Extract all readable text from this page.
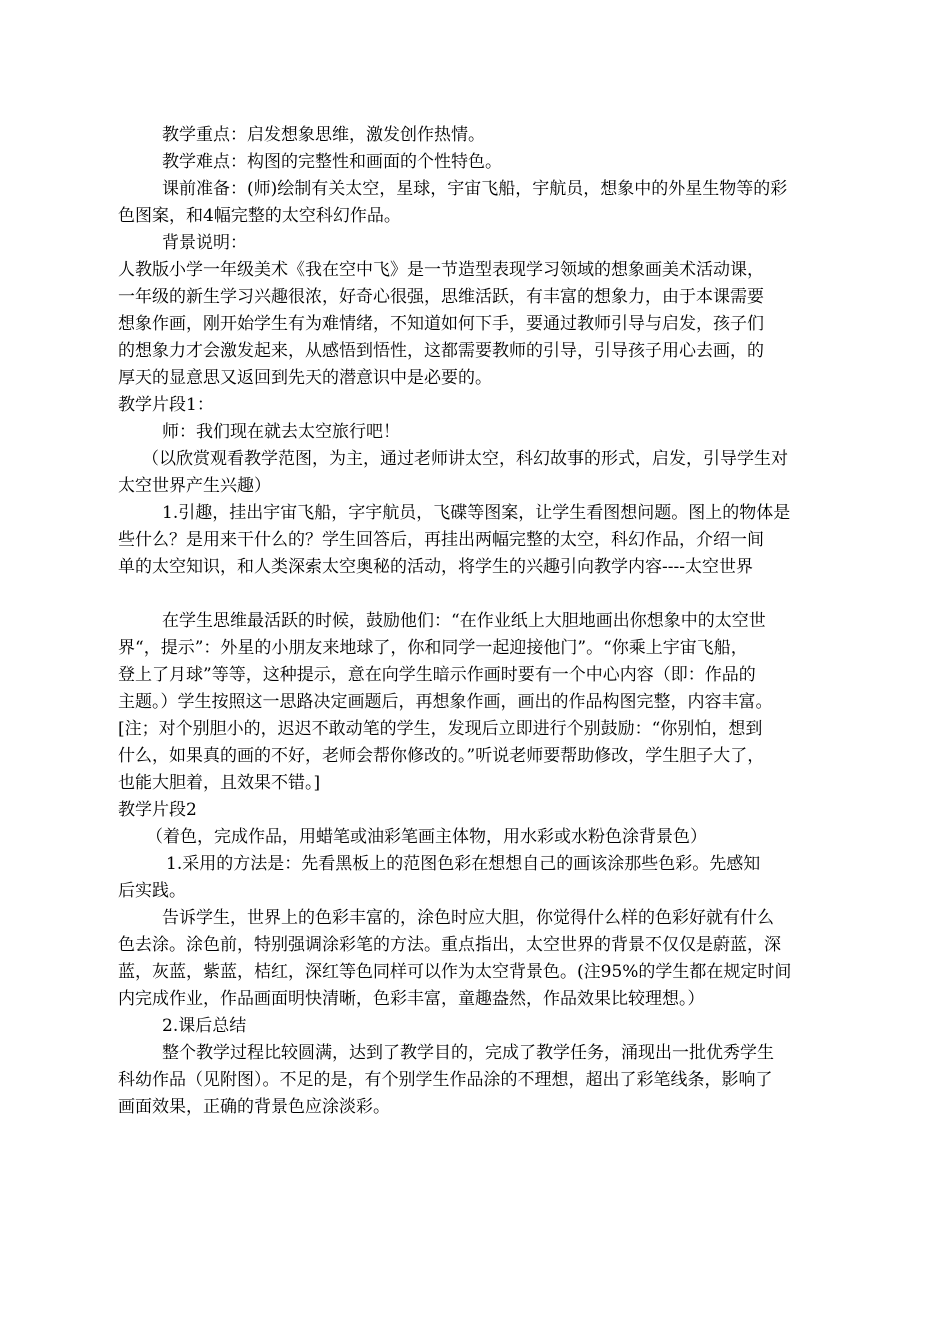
教学重点：启发想象思维，激发创作热情。
教学难点：构图的完整性和画面的个性特色。
课前准备：(师)绘制有关太空，星球，宇宙飞船，宇航员，想象中的外星生物等的彩
色图案，和4幅完整的太空科幻作品。
背景说明：
人教版小学一年级美术《我在空中飞》是一节造型表现学习领域的想象画美术活动课，
一年级的新生学习兴趣很浓，好奇心很强，思维活跃，有丰富的想象力，由于本课需要
想象作画，刚开始学生有为难情绪，不知道如何下手，要通过教师引导与启发，孩子们
的想象力才会激发起来，从感悟到悟性，这都需要教师的引导，引导孩子用心去画，的
厚天的显意思又返回到先天的潜意识中是必要的。
教学片段1：
师：我们现在就去太空旅行吧！
（以欣赏观看教学范图，为主，通过老师讲太空，科幻故事的形式，启发，引导学生对
太空世界产生兴趣）
1.引趣，挂出宇宙飞船，字宇航员，飞碟等图案，让学生看图想问题。图上的物体是
些什么？是用来干什么的？学生回答后，再挂出两幅完整的太空，科幻作品，介绍一间
单的太空知识，和人类深索太空奥秘的活动，将学生的兴趣引向教学内容----太空世界
在学生思维最活跃的时候，鼓励他们：“在作业纸上大胆地画出你想象中的太空世
界“，提示”：外星的小朋友来地球了，你和同学一起迎接他门”。“你乘上宇宙飞船，
登上了月球”等等，这种提示，意在向学生暗示作画时要有一个中心内容（即：作品的
主题。）学生按照这一思路决定画题后，再想象作画，画出的作品构图完整，内容丰富。
[注；对个别胆小的，迟迟不敢动笔的学生，发现后立即进行个别鼓励：“你别怕，想到
什么，如果真的画的不好，老师会帮你修改的。”听说老师要帮助修改，学生胆子大了，
也能大胆着，且效果不错。]
教学片段2
（着色，完成作品，用蜡笔或油彩笔画主体物，用水彩或水粉色涂背景色）
1.采用的方法是：先看黑板上的范图色彩在想想自己的画该涂那些色彩。先感知
后实践。
告诉学生，世界上的色彩丰富的，涂色时应大胆，你觉得什么样的色彩好就有什么
色去涂。涂色前，特别强调涂彩笔的方法。重点指出，太空世界的背景不仅仅是蔚蓝，深
蓝，灰蓝，紫蓝，桔红，深红等色同样可以作为太空背景色。(注95%的学生都在规定时间
内完成作业，作品画面明快清晰，色彩丰富，童趣盎然，作品效果比较理想。）
2.课后总结
整个教学过程比较圆满，达到了教学目的，完成了教学任务，涌现出一批优秀学生
科幼作品（见附图）。不足的是，有个别学生作品涂的不理想，超出了彩笔线条，影响了
画面效果，正确的背景色应涂淡彩。
